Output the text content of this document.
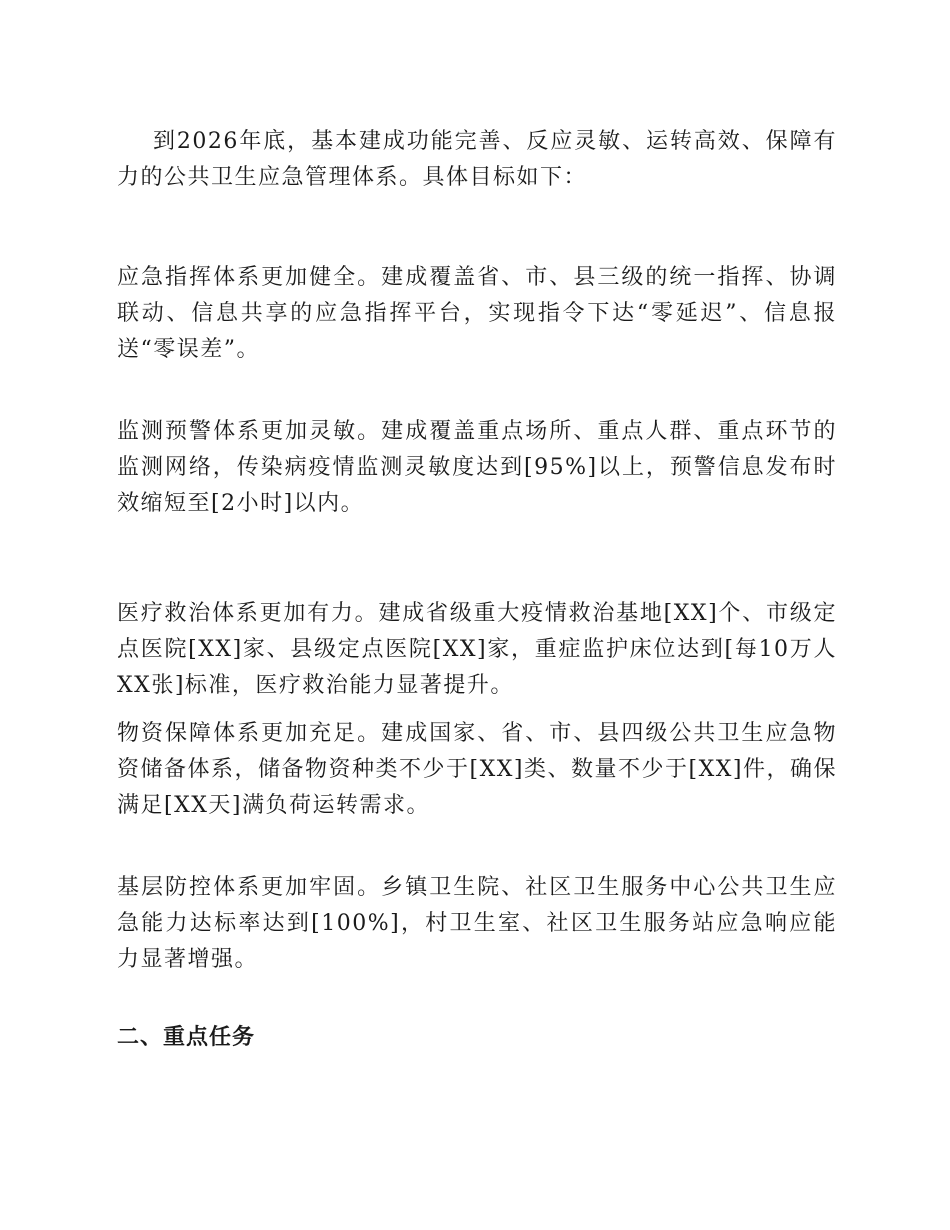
到2026年底，基本建成功能完善、反应灵敏、运转高效、保障有力的公共卫生应急管理体系。具体目标如下：

应急指挥体系更加健全。建成覆盖省、市、县三级的统一指挥、协调联动、信息共享的应急指挥平台，实现指令下达“零延迟”、信息报送“零误差”。

监测预警体系更加灵敏。建成覆盖重点场所、重点人群、重点环节的监测网络，传染病疫情监测灵敏度达到[95%]以上，预警信息发布时效缩短至[2小时]以内。

医疗救治体系更加有力。建成省级重大疫情救治基地[XX]个、市级定点医院[XX]家、县级定点医院[XX]家，重症监护床位达到[每10万人XX张]标准，医疗救治能力显著提升。

物资保障体系更加充足。建成国家、省、市、县四级公共卫生应急物资储备体系，储备物资种类不少于[XX]类、数量不少于[XX]件，确保满足[XX天]满负荷运转需求。

基层防控体系更加牢固。乡镇卫生院、社区卫生服务中心公共卫生应急能力达标率达到[100%]，村卫生室、社区卫生服务站应急响应能力显著增强。

二、重点任务
